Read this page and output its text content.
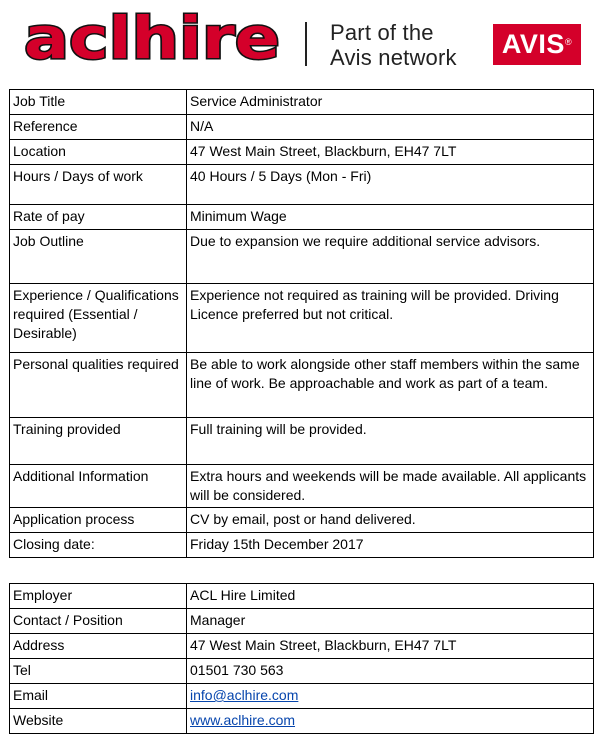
aclhire Part of the
Avis network	AVIS®
Job Title	Service Administrator
Reference	N/A
Location	47 West Main Street, Blackburn, EH47 7LT
Hours / Days of work	40 Hours / 5 Days (Mon - Fri)
Rate of pay	Minimum Wage
Job Outline	Due to expansion we require additional service advisors.
Experience / Qualifications required (Essential / Desirable)	Experience not required as training will be provided. Driving Licence preferred but not critical.
Personal qualities required	Be able to work alongside other staff members within the same line of work. Be approachable and work as part of a team.
Training provided	Full training will be provided.
Additional Information	Extra hours and weekends will be made available. All applicants will be considered.
Application process	CV by email, post or hand delivered.
Closing date:	Friday 15th December 2017
Employer	ACL Hire Limited
Contact / Position	Manager
Address	47 West Main Street, Blackburn, EH47 7LT
Tel	01501 730 563
Email	info@aclhire.com
Website	www.aclhire.com
